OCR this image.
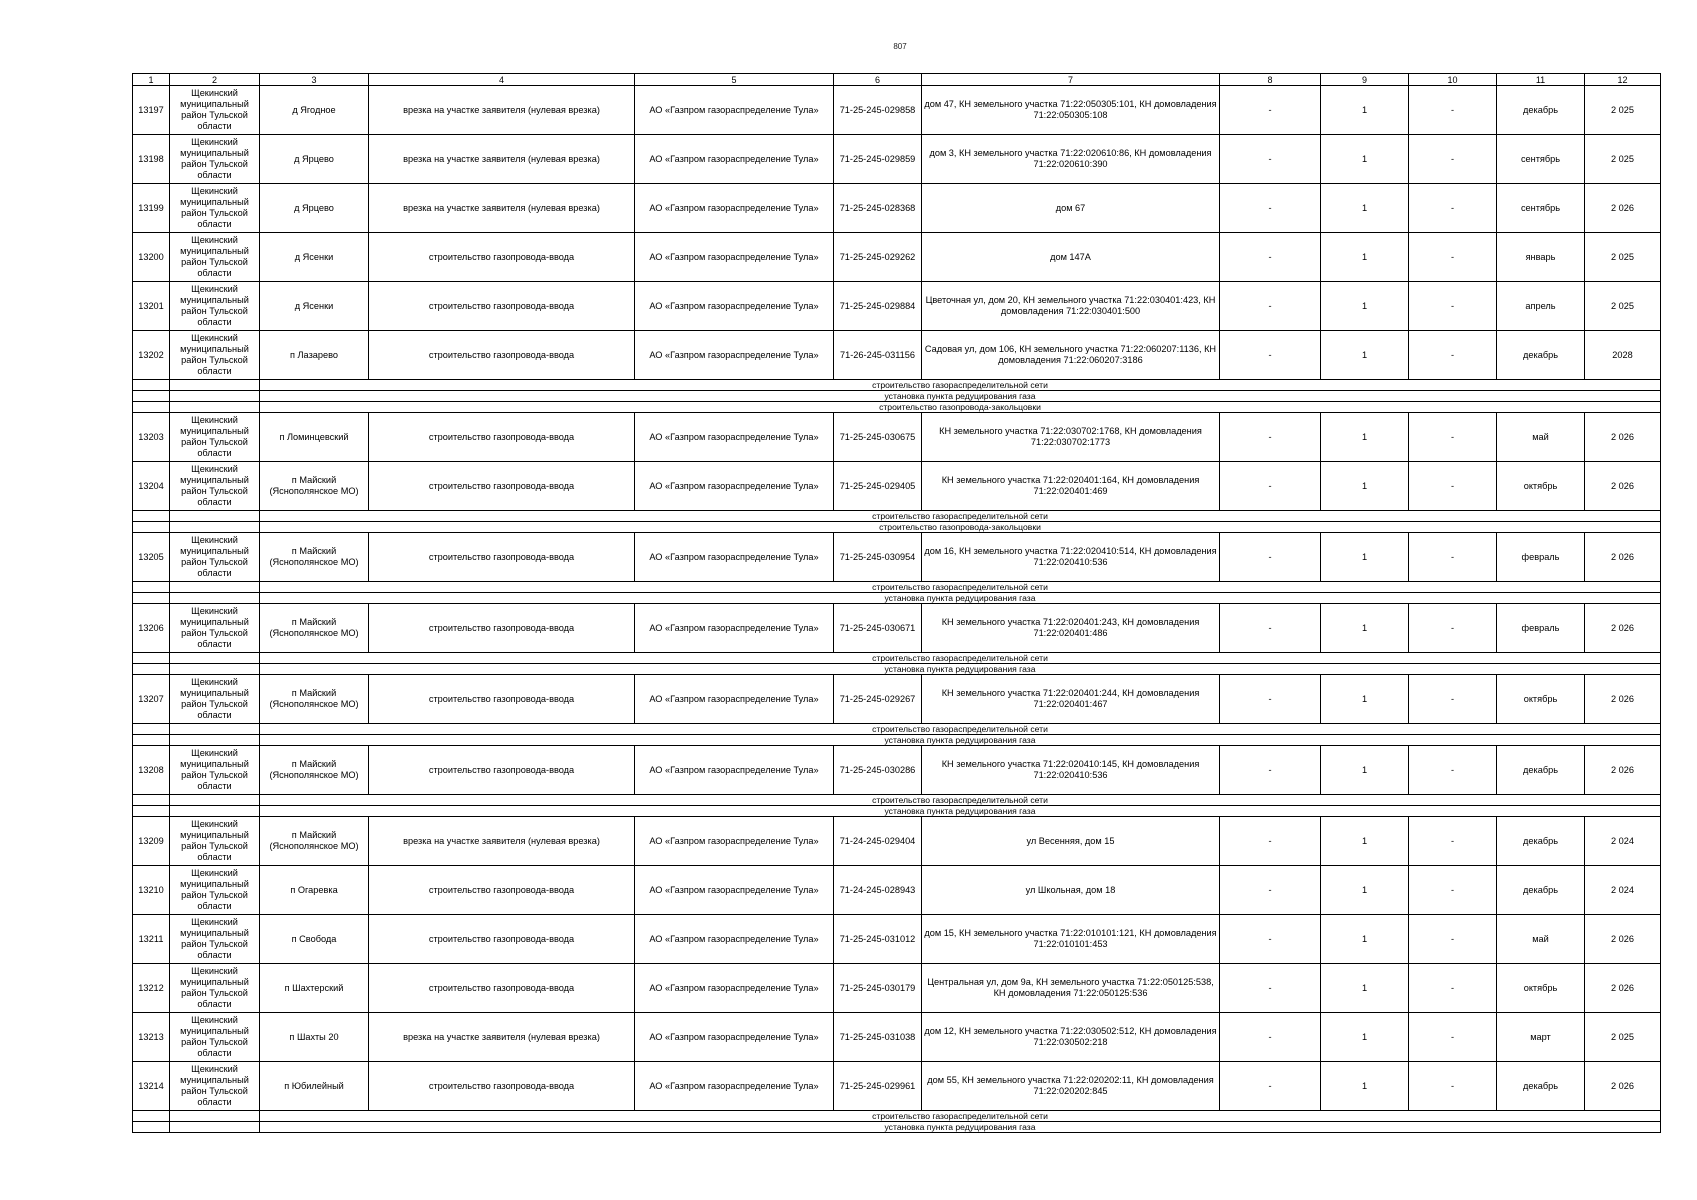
807
1	2	3	4	5	6	7	8	9	10	11	12
13197	Щекинский муниципальный район Тульской области	д Ягодное	врезка на участке заявителя (нулевая врезка)	АО «Газпром газораспределение Тула»	71-25-245-029858	дом 47, КН земельного участка 71:22:050305:101, КН домовладения 71:22:050305:108	-	1	-	декабрь	2 025
13198	Щекинский муниципальный район Тульской области	д Ярцево	врезка на участке заявителя (нулевая врезка)	АО «Газпром газораспределение Тула»	71-25-245-029859	дом 3, КН земельного участка 71:22:020610:86, КН домовладения 71:22:020610:390	-	1	-	сентябрь	2 025
13199	Щекинский муниципальный район Тульской области	д Ярцево	врезка на участке заявителя (нулевая врезка)	АО «Газпром газораспределение Тула»	71-25-245-028368	дом 67	-	1	-	сентябрь	2 026
13200	Щекинский муниципальный район Тульской области	д Ясенки	строительство газопровода-ввода	АО «Газпром газораспределение Тула»	71-25-245-029262	дом 147А	-	1	-	январь	2 025
13201	Щекинский муниципальный район Тульской области	д Ясенки	строительство газопровода-ввода	АО «Газпром газораспределение Тула»	71-25-245-029884	Цветочная ул, дом 20, КН земельного участка 71:22:030401:423, КН домовладения 71:22:030401:500	-	1	-	апрель	2 025
13202	Щекинский муниципальный район Тульской области	п Лазарево	строительство газопровода-ввода	АО «Газпром газораспределение Тула»	71-26-245-031156	Садовая ул, дом 106, КН земельного участка 71:22:060207:1136, КН домовладения 71:22:060207:3186	-	1	-	декабрь	2028
		строительство газораспределительной сети									
		установка пункта редуцирования газа									
		строительство газопровода-закольцовки									
13203	Щекинский муниципальный район Тульской области	п Ломинцевский	строительство газопровода-ввода	АО «Газпром газораспределение Тула»	71-25-245-030675	КН земельного участка 71:22:030702:1768, КН домовладения 71:22:030702:1773	-	1	-	май	2 026
13204	Щекинский муниципальный район Тульской области	п Майский (Яснополянское МО)	строительство газопровода-ввода	АО «Газпром газораспределение Тула»	71-25-245-029405	КН земельного участка 71:22:020401:164, КН домовладения 71:22:020401:469	-	1	-	октябрь	2 026
		строительство газораспределительной сети									
		строительство газопровода-закольцовки									
13205	Щекинский муниципальный район Тульской области	п Майский (Яснополянское МО)	строительство газопровода-ввода	АО «Газпром газораспределение Тула»	71-25-245-030954	дом 16, КН земельного участка 71:22:020410:514, КН домовладения 71:22:020410:536	-	1	-	февраль	2 026
		строительство газораспределительной сети									
		установка пункта редуцирования газа									
13206	Щекинский муниципальный район Тульской области	п Майский (Яснополянское МО)	строительство газопровода-ввода	АО «Газпром газораспределение Тула»	71-25-245-030671	КН земельного участка 71:22:020401:243, КН домовладения 71:22:020401:486	-	1	-	февраль	2 026
		строительство газораспределительной сети									
		установка пункта редуцирования газа									
13207	Щекинский муниципальный район Тульской области	п Майский (Яснополянское МО)	строительство газопровода-ввода	АО «Газпром газораспределение Тула»	71-25-245-029267	КН земельного участка 71:22:020401:244, КН домовладения 71:22:020401:467	-	1	-	октябрь	2 026
		строительство газораспределительной сети									
		установка пункта редуцирования газа									
13208	Щекинский муниципальный район Тульской области	п Майский (Яснополянское МО)	строительство газопровода-ввода	АО «Газпром газораспределение Тула»	71-25-245-030286	КН земельного участка 71:22:020410:145, КН домовладения 71:22:020410:536	-	1	-	декабрь	2 026
		строительство газораспределительной сети									
		установка пункта редуцирования газа									
13209	Щекинский муниципальный район Тульской области	п Майский (Яснополянское МО)	врезка на участке заявителя (нулевая врезка)	АО «Газпром газораспределение Тула»	71-24-245-029404	ул Весенняя, дом 15	-	1	-	декабрь	2 024
13210	Щекинский муниципальный район Тульской области	п Огаревка	строительство газопровода-ввода	АО «Газпром газораспределение Тула»	71-24-245-028943	ул Школьная, дом 18	-	1	-	декабрь	2 024
13211	Щекинский муниципальный район Тульской области	п Свобода	строительство газопровода-ввода	АО «Газпром газораспределение Тула»	71-25-245-031012	дом 15, КН земельного участка 71:22:010101:121, КН домовладения 71:22:010101:453	-	1	-	май	2 026
13212	Щекинский муниципальный район Тульской области	п Шахтерский	строительство газопровода-ввода	АО «Газпром газораспределение Тула»	71-25-245-030179	Центральная ул, дом 9а, КН земельного участка 71:22:050125:538, КН домовладения 71:22:050125:536	-	1	-	октябрь	2 026
13213	Щекинский муниципальный район Тульской области	п Шахты 20	врезка на участке заявителя (нулевая врезка)	АО «Газпром газораспределение Тула»	71-25-245-031038	дом 12, КН земельного участка 71:22:030502:512, КН домовладения 71:22:030502:218	-	1	-	март	2 025
13214	Щекинский муниципальный район Тульской области	п Юбилейный	строительство газопровода-ввода	АО «Газпром газораспределение Тула»	71-25-245-029961	дом 55, КН земельного участка 71:22:020202:11, КН домовладения 71:22:020202:845	-	1	-	декабрь	2 026
		строительство газораспределительной сети									
		установка пункта редуцирования газа									
